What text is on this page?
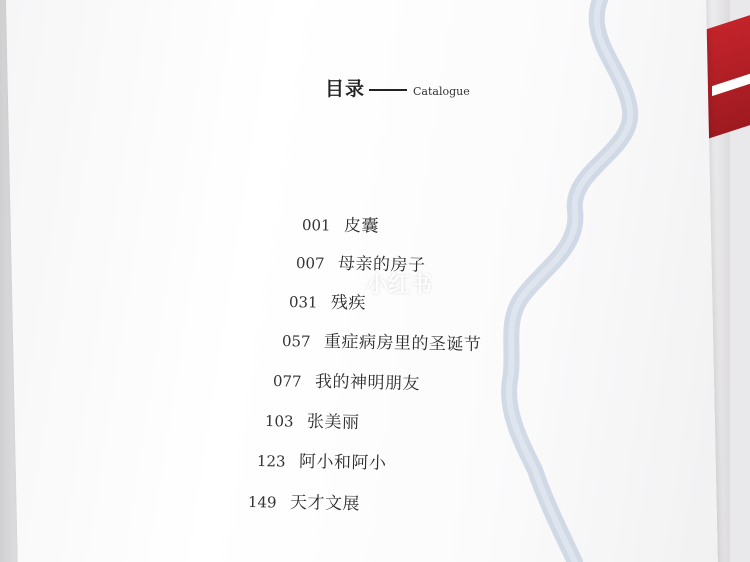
目录	Catalogue
001 皮囊
007 母亲的房子
031 残疾
057 重症病房里的圣诞节
077 我的神明朋友
103 张美丽
123 阿小和阿小
149 天才文展
小红书
